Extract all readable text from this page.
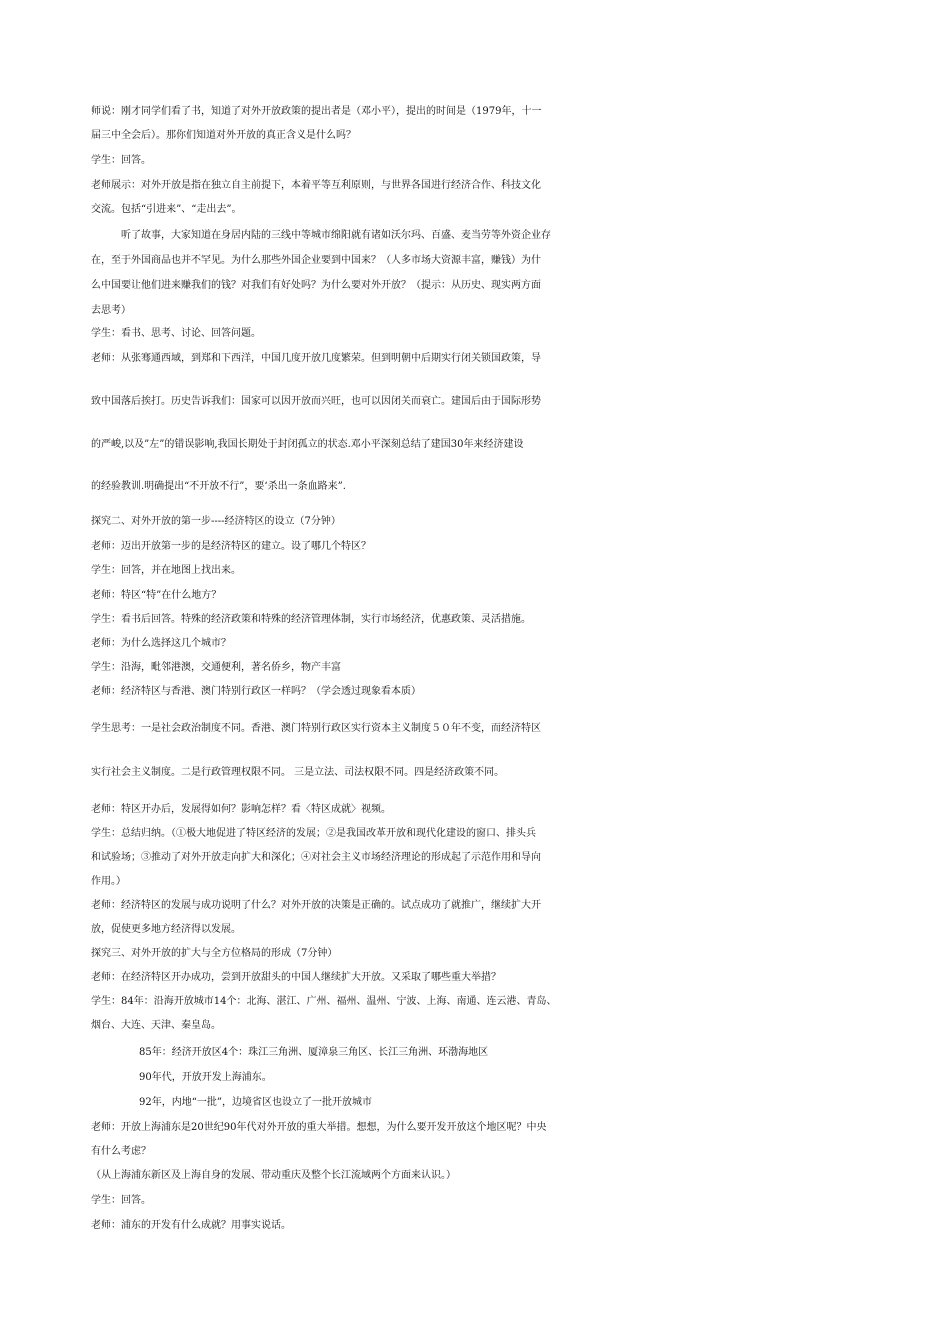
师说：刚才同学们看了书，知道了对外开放政策的提出者是（邓小平），提出的时间是（1979年，十一
届三中全会后）。那你们知道对外开放的真正含义是什么吗？
学生：回答。
老师展示：对外开放是指在独立自主前提下，本着平等互利原则，与世界各国进行经济合作、科技文化
交流。包括“引进来”、“走出去”。
听了故事，大家知道在身居内陆的三线中等城市绵阳就有诸如沃尔玛、百盛、麦当劳等外资企业存
在，至于外国商品也并不罕见。为什么那些外国企业要到中国来？（人多市场大资源丰富，赚钱）为什
么中国要让他们进来赚我们的钱？对我们有好处吗？为什么要对外开放？（提示：从历史、现实两方面
去思考）
学生：看书、思考、讨论、回答问题。
老师：从张骞通西域，到郑和下西洋，中国几度开放几度繁荣。但到明朝中后期实行闭关锁国政策，导
致中国落后挨打。历史告诉我们：国家可以因开放而兴旺，也可以因闭关而衰亡。建国后由于国际形势
的严峻,以及”左”的错误影响,我国长期处于封闭孤立的状态.邓小平深刻总结了建国30年来经济建设
的经验教训.明确提出“不开放不行”，要‘杀出一条血路来”.
探究二、对外开放的第一步----经济特区的设立（7分钟）
老师：迈出开放第一步的是经济特区的建立。设了哪几个特区？
学生：回答，并在地图上找出来。
老师：特区“特”在什么地方？
学生：看书后回答。特殊的经济政策和特殊的经济管理体制，实行市场经济，优惠政策、灵活措施。
老师：为什么选择这几个城市？
学生：沿海，毗邻港澳，交通便利，著名侨乡，物产丰富
老师：经济特区与香港、澳门特别行政区一样吗？（学会透过现象看本质）
学生思考：一是社会政治制度不同。香港、澳门特别行政区实行资本主义制度５０年不变，而经济特区
实行社会主义制度。二是行政管理权限不同。 三是立法、司法权限不同。四是经济政策不同。
老师：特区开办后，发展得如何？影响怎样？看〈特区成就〉视频。
学生：总结归纳。（①极大地促进了特区经济的发展；②是我国改革开放和现代化建设的窗口、排头兵
和试验场；③推动了对外开放走向扩大和深化；④对社会主义市场经济理论的形成起了示范作用和导向
作用。）
老师：经济特区的发展与成功说明了什么？对外开放的决策是正确的。试点成功了就推广，继续扩大开
放，促使更多地方经济得以发展。
探究三、对外开放的扩大与全方位格局的形成（7分钟）
老师：在经济特区开办成功，尝到开放甜头的中国人继续扩大开放。又采取了哪些重大举措？
学生：84年：沿海开放城市14个：北海、湛江、广州、福州、温州、宁波、上海、南通、连云港、青岛、
烟台、大连、天津、秦皇岛。
85年：经济开放区4个：珠江三角洲、厦漳泉三角区、长江三角洲、环渤海地区
90年代，开放开发上海浦东。
92年，内地“一批”，边境省区也设立了一批开放城市
老师：开放上海浦东是20世纪90年代对外开放的重大举措。想想，为什么要开发开放这个地区呢？中央
有什么考虑？
（从上海浦东新区及上海自身的发展、带动重庆及整个长江流域两个方面来认识。）
学生：回答。
老师：浦东的开发有什么成就？用事实说话。
